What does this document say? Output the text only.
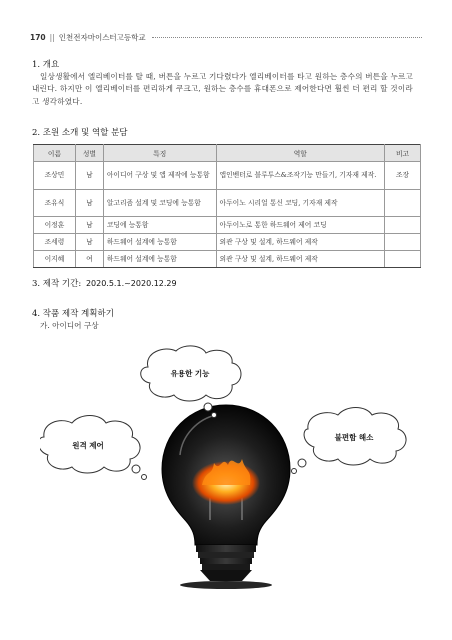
170 || 인천전자마이스터고등학교
1. 개요
일상생활에서 엘리베이터를 탈 때, 버튼을 누르고 기다렸다가 엘리베이터를 타고 원하는 층수의 버튼을 누르고 내린다. 하지만 이 엘리베이터를 편리하게 쿠크고, 원하는 층수를 휴대폰으로 제어한다면 훨씬 더 편리 할 것이라고 생각하였다.
2. 조원 소개 및 역할 분담
이름	성별	특징	역할	비고
조상민	남	아이디어 구상 및 앱 제작에 능통함	앱인벤터로 블루투스&조작기능 만들기, 기자재 제작.	조장
조유식	남	알고리즘 설계 및 코딩에 능통함	아두이노 시리얼 통신 코딩, 기자재 제작	
이정훈	남	코딩에 능통함	아두이노로 통한 하드웨어 제어 코딩	
조세령	남	하드웨어 설계에 능통함	외관 구상 및 설계, 하드웨어 제작	
이지혜	여	하드웨어 설계에 능통함	외관 구상 및 설계, 하드웨어 제작	
3. 제작 기간: 2020.5.1.~2020.12.29
4. 작품 제작 계획하기
가. 아이디어 구상
유용한 기능
원격 제어
불편함 해소
